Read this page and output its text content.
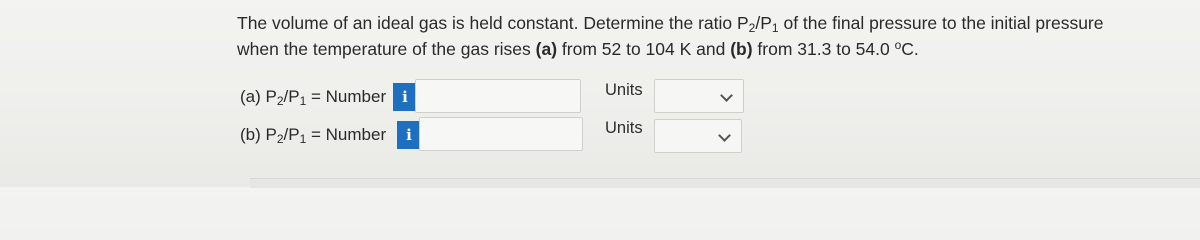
The volume of an ideal gas is held constant. Determine the ratio $P_2/P_1$ of the final pressure to the initial pressure when the temperature of the gas rises (a) from 52 to 104 K and (b) from 31.3 to 54.0 $^o$C.
(a) $P_2/P_1$ = Number	i	Units
(b) $P_2/P_1$ = Number	i	Units
